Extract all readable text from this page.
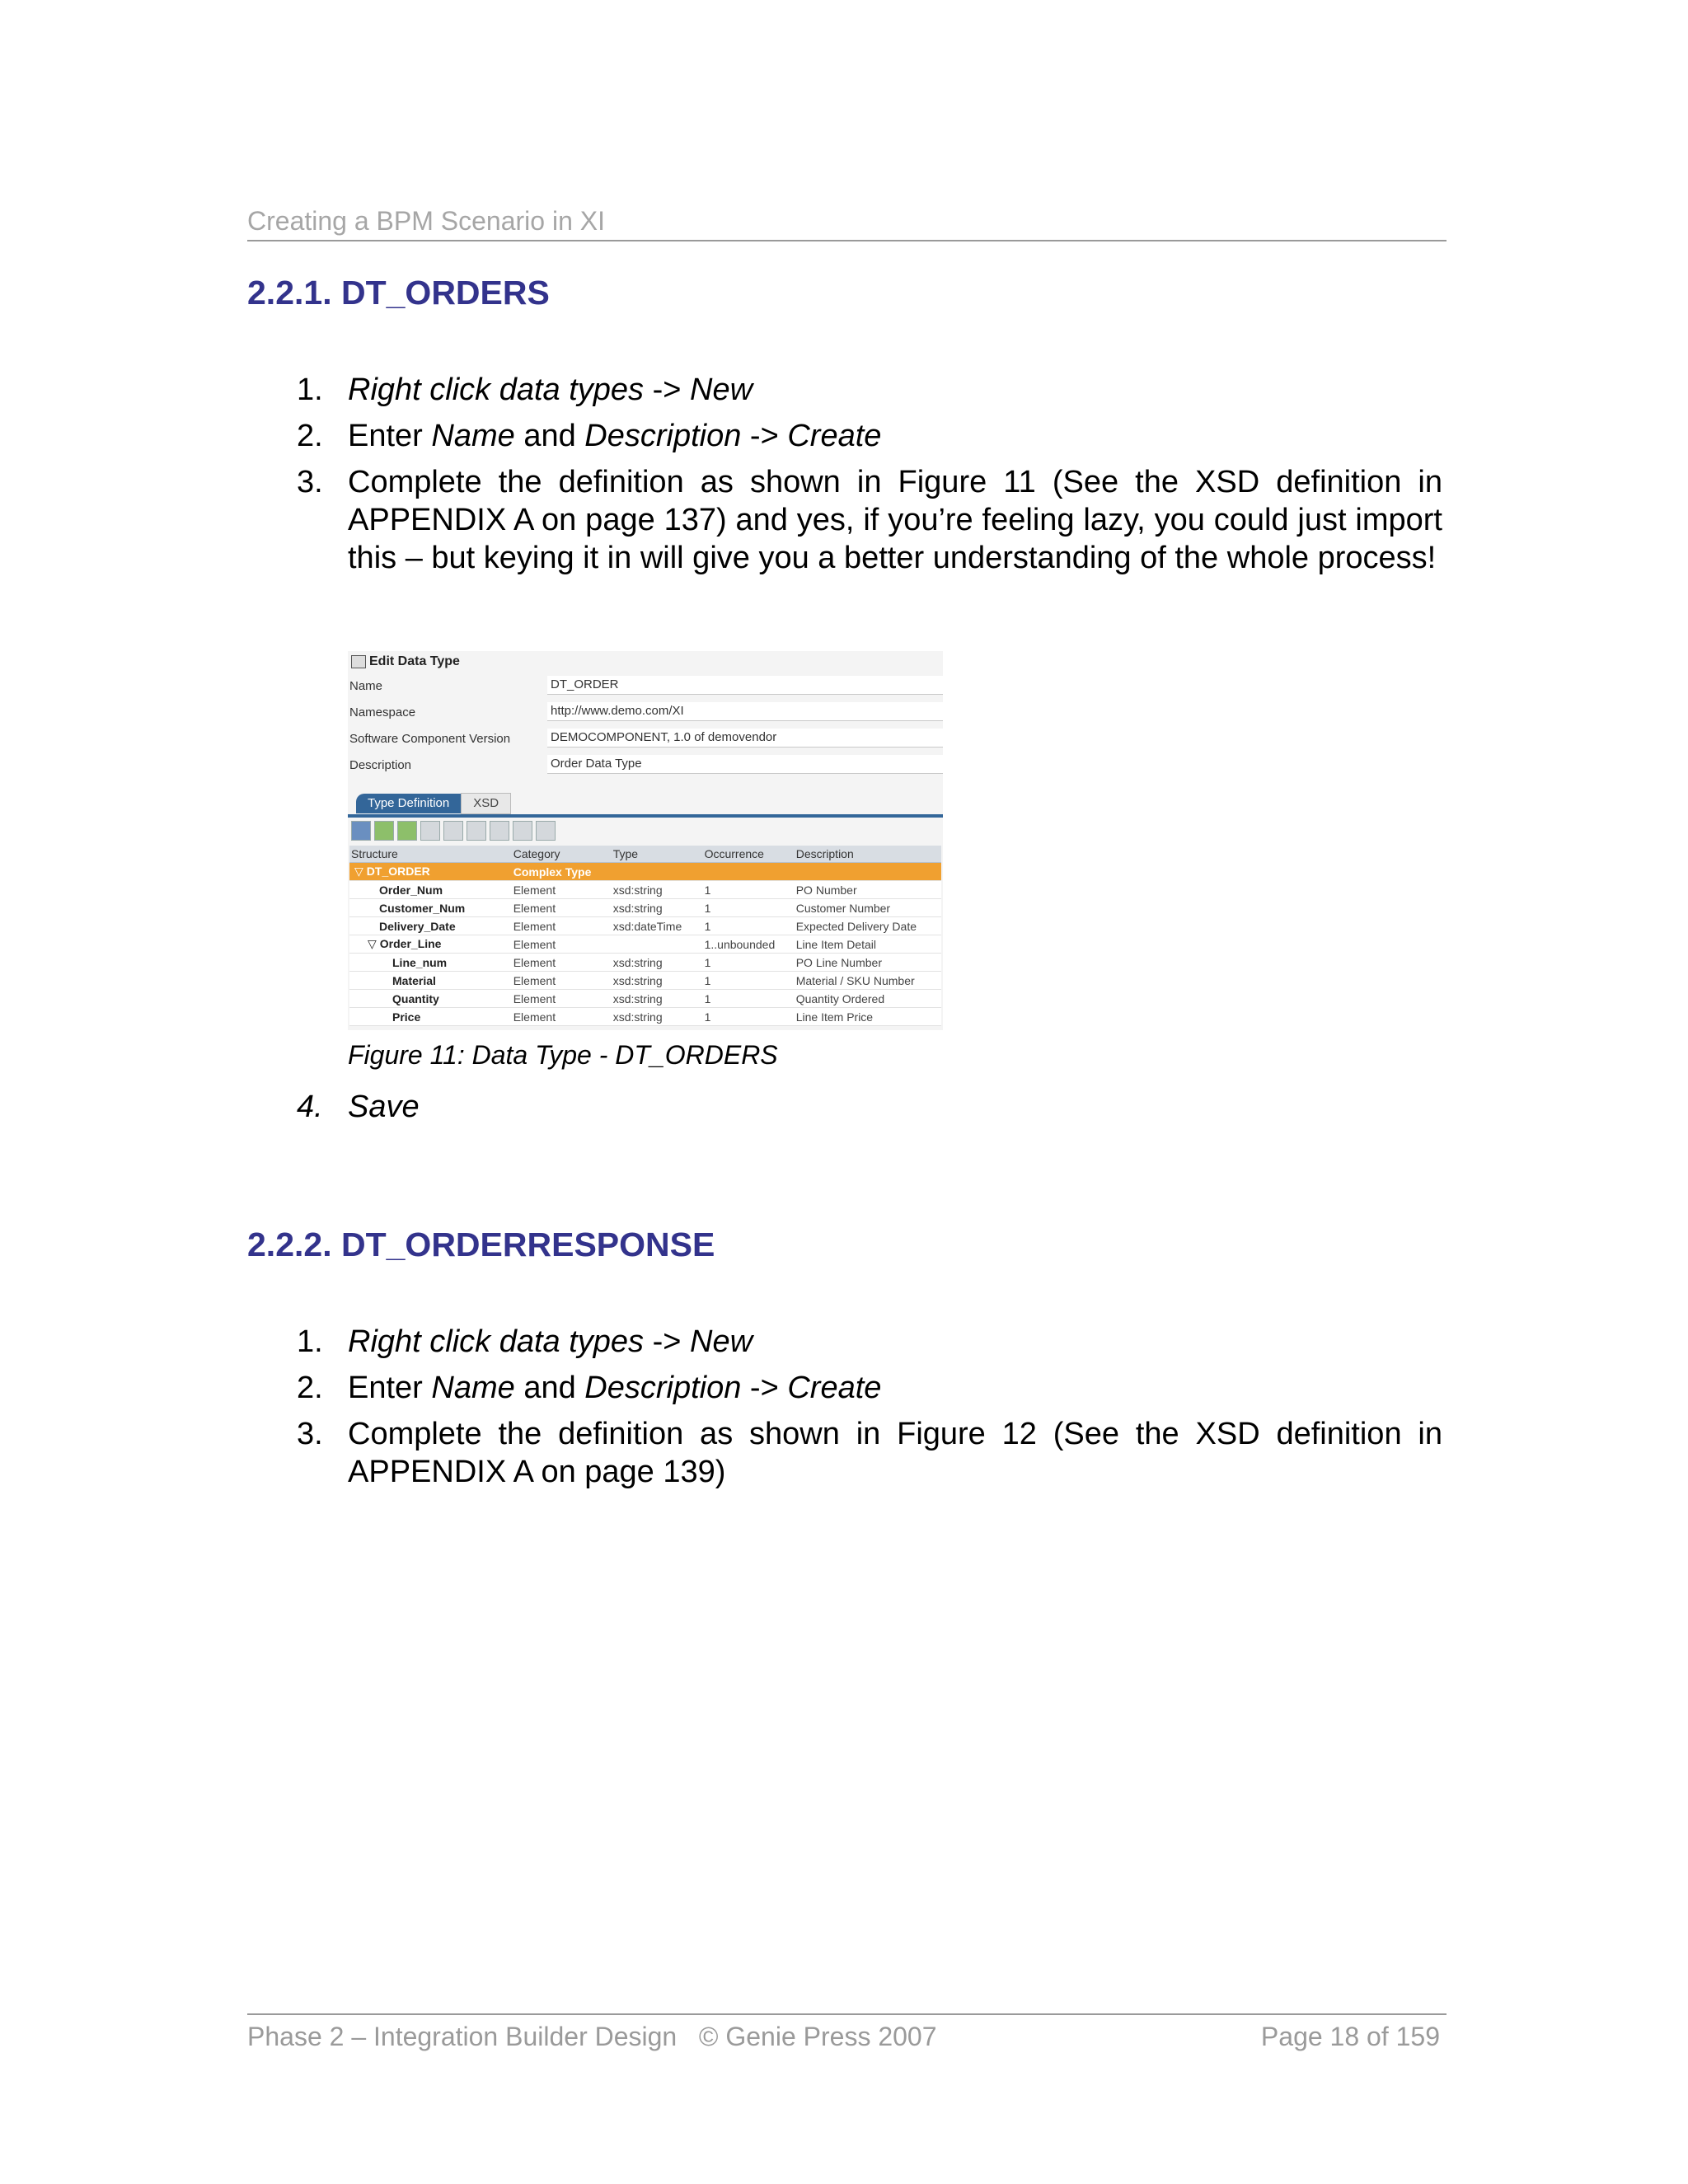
Creating a BPM Scenario in XI
2.2.1. DT_ORDERS
1. Right click data types -> New
2. Enter Name and Description -> Create
3. Complete the definition as shown in Figure 11 (See the XSD definition in APPENDIX A on page 137) and yes, if you’re feeling lazy, you could just import this – but keying it in will give you a better understanding of the whole process!
Edit Data Type
Name	DT_ORDER
Namespace	http://www.demo.com/XI
Software Component Version	DEMOCOMPONENT, 1.0 of demovendor
Description	Order Data Type
Type Definition XSD
Structure	Category	Type	Occurrence	Description
▽ DT_ORDER	Complex Type			
Order_Num	Element	xsd:string	1	PO Number
Customer_Num	Element	xsd:string	1	Customer Number
Delivery_Date	Element	xsd:dateTime	1	Expected Delivery Date
▽ Order_Line	Element		1..unbounded	Line Item Detail
Line_num	Element	xsd:string	1	PO Line Number
Material	Element	xsd:string	1	Material / SKU Number
Quantity	Element	xsd:string	1	Quantity Ordered
Price	Element	xsd:string	1	Line Item Price
Figure 11: Data Type - DT_ORDERS
4. Save
2.2.2. DT_ORDERRESPONSE
1. Right click data types -> New
2. Enter Name and Description -> Create
3. Complete the definition as shown in Figure 12 (See the XSD definition in APPENDIX A on page 139)
Phase 2 – Integration Builder Design   © Genie Press 2007	Page 18 of 159
